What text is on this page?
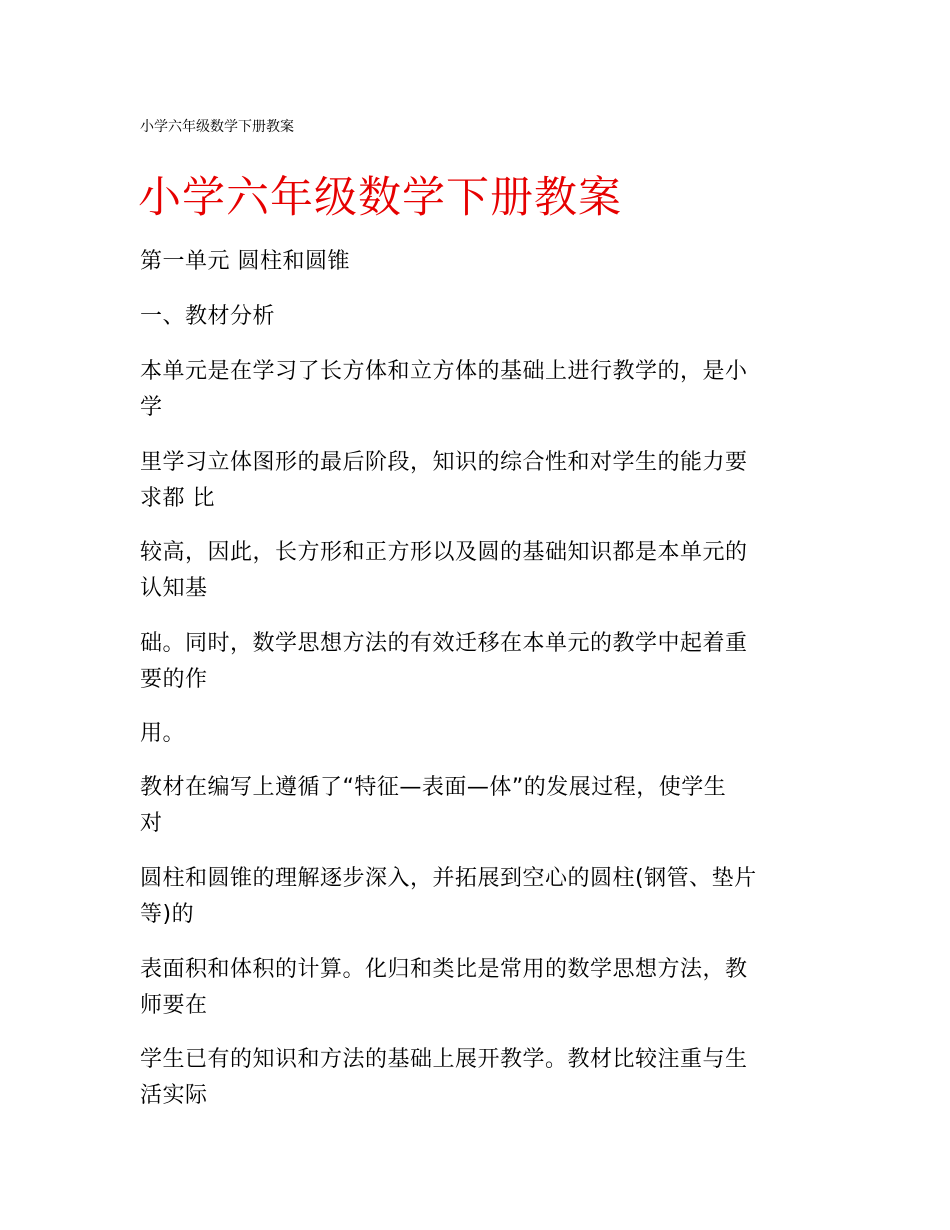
小学六年级数学下册教案
小学六年级数学下册教案
第一单元 圆柱和圆锥
一、教材分析
本单元是在学习了长方体和立方体的基础上进行教学的，是小
学
里学习立体图形的最后阶段，知识的综合性和对学生的能力要
求都 比
较高，因此，长方形和正方形以及圆的基础知识都是本单元的
认知基
础。同时，数学思想方法的有效迁移在本单元的教学中起着重
要的作
用。
教材在编写上遵循了“特征—表面—体”的发展过程，使学生
对
圆柱和圆锥的理解逐步深入，并拓展到空心的圆柱(钢管、垫片
等)的
表面积和体积的计算。化归和类比是常用的数学思想方法，教
师要在
学生已有的知识和方法的基础上展开教学。教材比较注重与生
活实际
